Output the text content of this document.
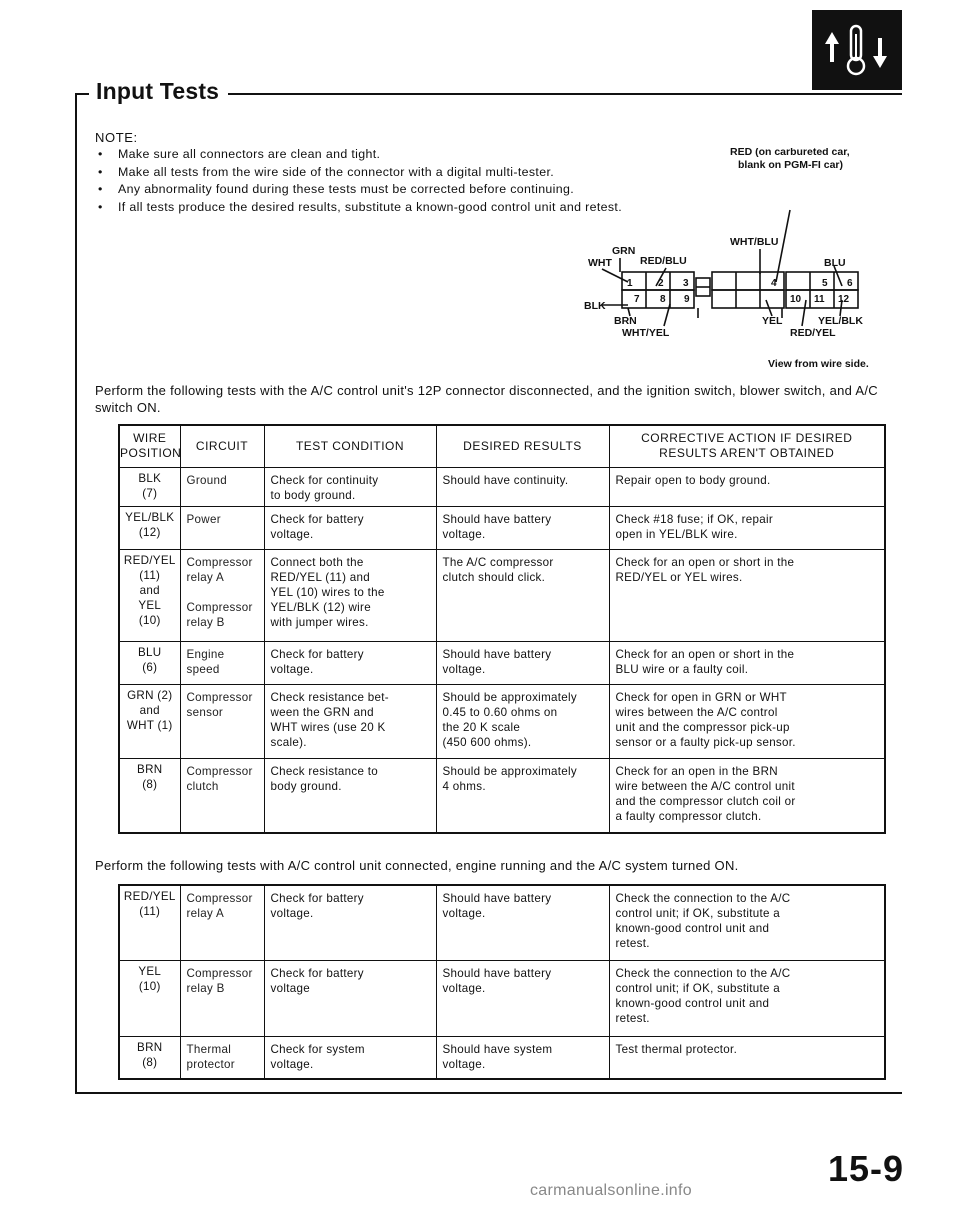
Input Tests
NOTE:
• Make sure all connectors are clean and tight.
• Make all tests from the wire side of the connector with a digital multi-tester.
• Any abnormality found during these tests must be corrected before continuing.
• If all tests produce the desired results, substitute a known-good control unit and retest.
RED (on carbureted car,
blank on PGM-FI car)
GRN
WHT	RED/BLU
WHT/BLU
BLU
BLK
BRN
WHT/YEL
YEL	YEL/BLK
RED/YEL
1	2 3	4	5 6
7 8 9	10 11 12
View from wire side.
Perform the following tests with the A/C control unit's 12P connector disconnected, and the ignition switch, blower switch, and A/C switch ON.
WIRE
POSITION	CIRCUIT	TEST CONDITION	DESIRED RESULTS	CORRECTIVE ACTION IF DESIRED
RESULTS AREN'T OBTAINED

BLK
(7)	Ground	Check for continuity
to body ground.	Should have continuity.	Repair open to body ground.

YEL/BLK
(12)	Power	Check for battery
voltage.	Should have battery
voltage.	Check #18 fuse; if OK, repair
open in YEL/BLK wire.

RED/YEL
(11)
and
YEL
(10)	Compressor
relay A

Compressor
relay B	Connect both the
RED/YEL (11) and
YEL (10) wires to the
YEL/BLK (12) wire
with jumper wires.	The A/C compressor
clutch should click.	Check for an open or short in the
RED/YEL or YEL wires.

BLU
(6)	Engine
speed	Check for battery
voltage.	Should have battery
voltage.	Check for an open or short in the
BLU wire or a faulty coil.

GRN (2)
and
WHT (1)	Compressor
sensor	Check resistance bet-
ween the GRN and
WHT wires (use 20 K
scale).	Should be approximately
0.45 to 0.60 ohms on
the 20 K scale
(450 600 ohms).	Check for open in GRN or WHT
wires between the A/C control
unit and the compressor pick-up
sensor or a faulty pick-up sensor.

BRN
(8)	Compressor
clutch	Check resistance to
body ground.	Should be approximately
4 ohms.	Check for an open in the BRN
wire between the A/C control unit
and the compressor clutch coil or
a faulty compressor clutch.
Perform the following tests with A/C control unit connected, engine running and the A/C system turned ON.
RED/YEL
(11)	Compressor
relay A	Check for battery
voltage.	Should have battery
voltage.	Check the connection to the A/C
control unit; if OK, substitute a
known-good control unit and
retest.

YEL
(10)	Compressor
relay B	Check for battery
voltage	Should have battery
voltage.	Check the connection to the A/C
control unit; if OK, substitute a
known-good control unit and
retest.

BRN
(8)	Thermal
protector	Check for system
voltage.	Should have system
voltage.	Test thermal protector.
15-9
carmanualsonline.info
